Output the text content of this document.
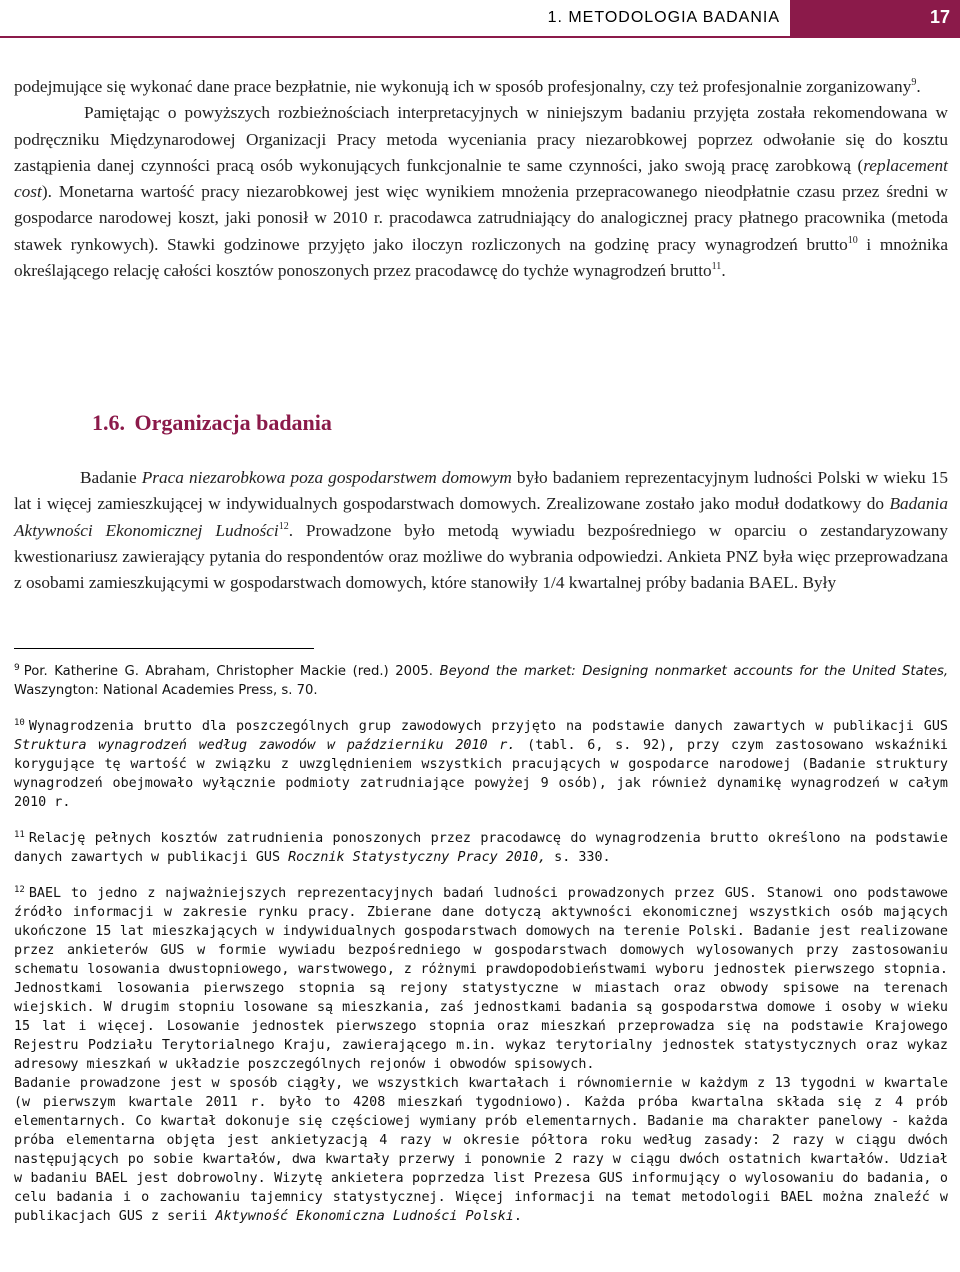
1. METODOLOGIA BADANIA	17

podejmujące się wykonać dane prace bezpłatnie, nie wykonują ich w sposób profesjonalny, czy też profesjonalnie zorganizowany$^9$.

Pamiętając o powyższych rozbieżnościach interpretacyjnych w niniejszym badaniu przyjęta została rekomendowana w podręczniku Międzynarodowej Organizacji Pracy metoda wyceniania pracy niezarobkowej poprzez odwołanie się do kosztu zastąpienia danej czynności pracą osób wykonujących funkcjonalnie te same czynności, jako swoją pracę zarobkową (replacement cost). Monetarna wartość pracy niezarobkowej jest więc wynikiem mnożenia przepracowanego nieodpłatnie czasu przez średni w gospodarce narodowej koszt, jaki ponosił w 2010 r. pracodawca zatrudniający do analogicznej pracy płatnego pracownika (metoda stawek rynkowych). Stawki godzinowe przyjęto jako iloczyn rozliczonych na godzinę pracy wynagrodzeń brutto$^{10}$ i mnożnika określającego relację całości kosztów ponoszonych przez pracodawcę do tychże wynagrodzeń brutto$^{11}$.

1.6. Organizacja badania

Badanie Praca niezarobkowa poza gospodarstwem domowym było badaniem reprezentacyjnym ludności Polski w wieku 15 lat i więcej zamieszkującej w indywidualnych gospodarstwach domowych. Zrealizowane zostało jako moduł dodatkowy do Badania Aktywności Ekonomicznej Ludności$^{12}$. Prowadzone było metodą wywiadu bezpośredniego w oparciu o zestandaryzowany kwestionariusz zawierający pytania do respondentów oraz możliwe do wybrania odpowiedzi. Ankieta PNZ była więc przeprowadzana z osobami zamieszkującymi w gospodarstwach domowych, które stanowiły 1/4 kwartalnej próby badania BAEL. Były

$^9$ Por. Katherine G. Abraham, Christopher Mackie (red.) 2005. Beyond the market: Designing nonmarket accounts for the United States, Waszyngton: National Academies Press, s. 70.

$^{10}$ Wynagrodzenia brutto dla poszczególnych grup zawodowych przyjęto na podstawie danych zawartych w publikacji GUS Struktura wynagrodzeń według zawodów w październiku 2010 r. (tabl. 6, s. 92), przy czym zastosowano wskaźniki korygujące tę wartość w związku z uwzględnieniem wszystkich pracujących w gospodarce narodowej (Badanie struktury wynagrodzeń obejmowało wyłącznie podmioty zatrudniające powyżej 9 osób), jak również dynamikę wynagrodzeń w całym 2010 r.

$^{11}$ Relację pełnych kosztów zatrudnienia ponoszonych przez pracodawcę do wynagrodzenia brutto określono na podstawie danych zawartych w publikacji GUS Rocznik Statystyczny Pracy 2010, s. 330.

$^{12}$ BAEL to jedno z najważniejszych reprezentacyjnych badań ludności prowadzonych przez GUS. Stanowi ono podstawowe źródło informacji w zakresie rynku pracy. Zbierane dane dotyczą aktywności ekonomicznej wszystkich osób mających ukończone 15 lat mieszkających w indywidualnych gospodarstwach domowych na terenie Polski. Badanie jest realizowane przez ankieterów GUS w formie wywiadu bezpośredniego w gospodarstwach domowych wylosowanych przy zastosowaniu schematu losowania dwustopniowego, warstwowego, z różnymi prawdopodobieństwami wyboru jednostek pierwszego stopnia. Jednostkami losowania pierwszego stopnia są rejony statystyczne w miastach oraz obwody spisowe na terenach wiejskich. W drugim stopniu losowane są mieszkania, zaś jednostkami badania są gospodarstwa domowe i osoby w wieku 15 lat i więcej. Losowanie jednostek pierwszego stopnia oraz mieszkań przeprowadza się na podstawie Krajowego Rejestru Podziału Terytorialnego Kraju, zawierającego m.in. wykaz terytorialny jednostek statystycznych oraz wykaz adresowy mieszkań w układzie poszczególnych rejonów i obwodów spisowych.
Badanie prowadzone jest w sposób ciągły, we wszystkich kwartałach i równomiernie w każdym z 13 tygodni w kwartale (w pierwszym kwartale 2011 r. było to 4208 mieszkań tygodniowo). Każda próba kwartalna składa się z 4 prób elementarnych. Co kwartał dokonuje się częściowej wymiany prób elementarnych. Badanie ma charakter panelowy - każda próba elementarna objęta jest ankietyzacją 4 razy w okresie półtora roku według zasady: 2 razy w ciągu dwóch następujących po sobie kwartałów, dwa kwartały przerwy i ponownie 2 razy w ciągu dwóch ostatnich kwartałów. Udział w badaniu BAEL jest dobrowolny. Wizytę ankietera poprzedza list Prezesa GUS informujący o wylosowaniu do badania, o celu badania i o zachowaniu tajemnicy statystycznej. Więcej informacji na temat metodologii BAEL można znaleźć w publikacjach GUS z serii Aktywność Ekonomiczna Ludności Polski.
